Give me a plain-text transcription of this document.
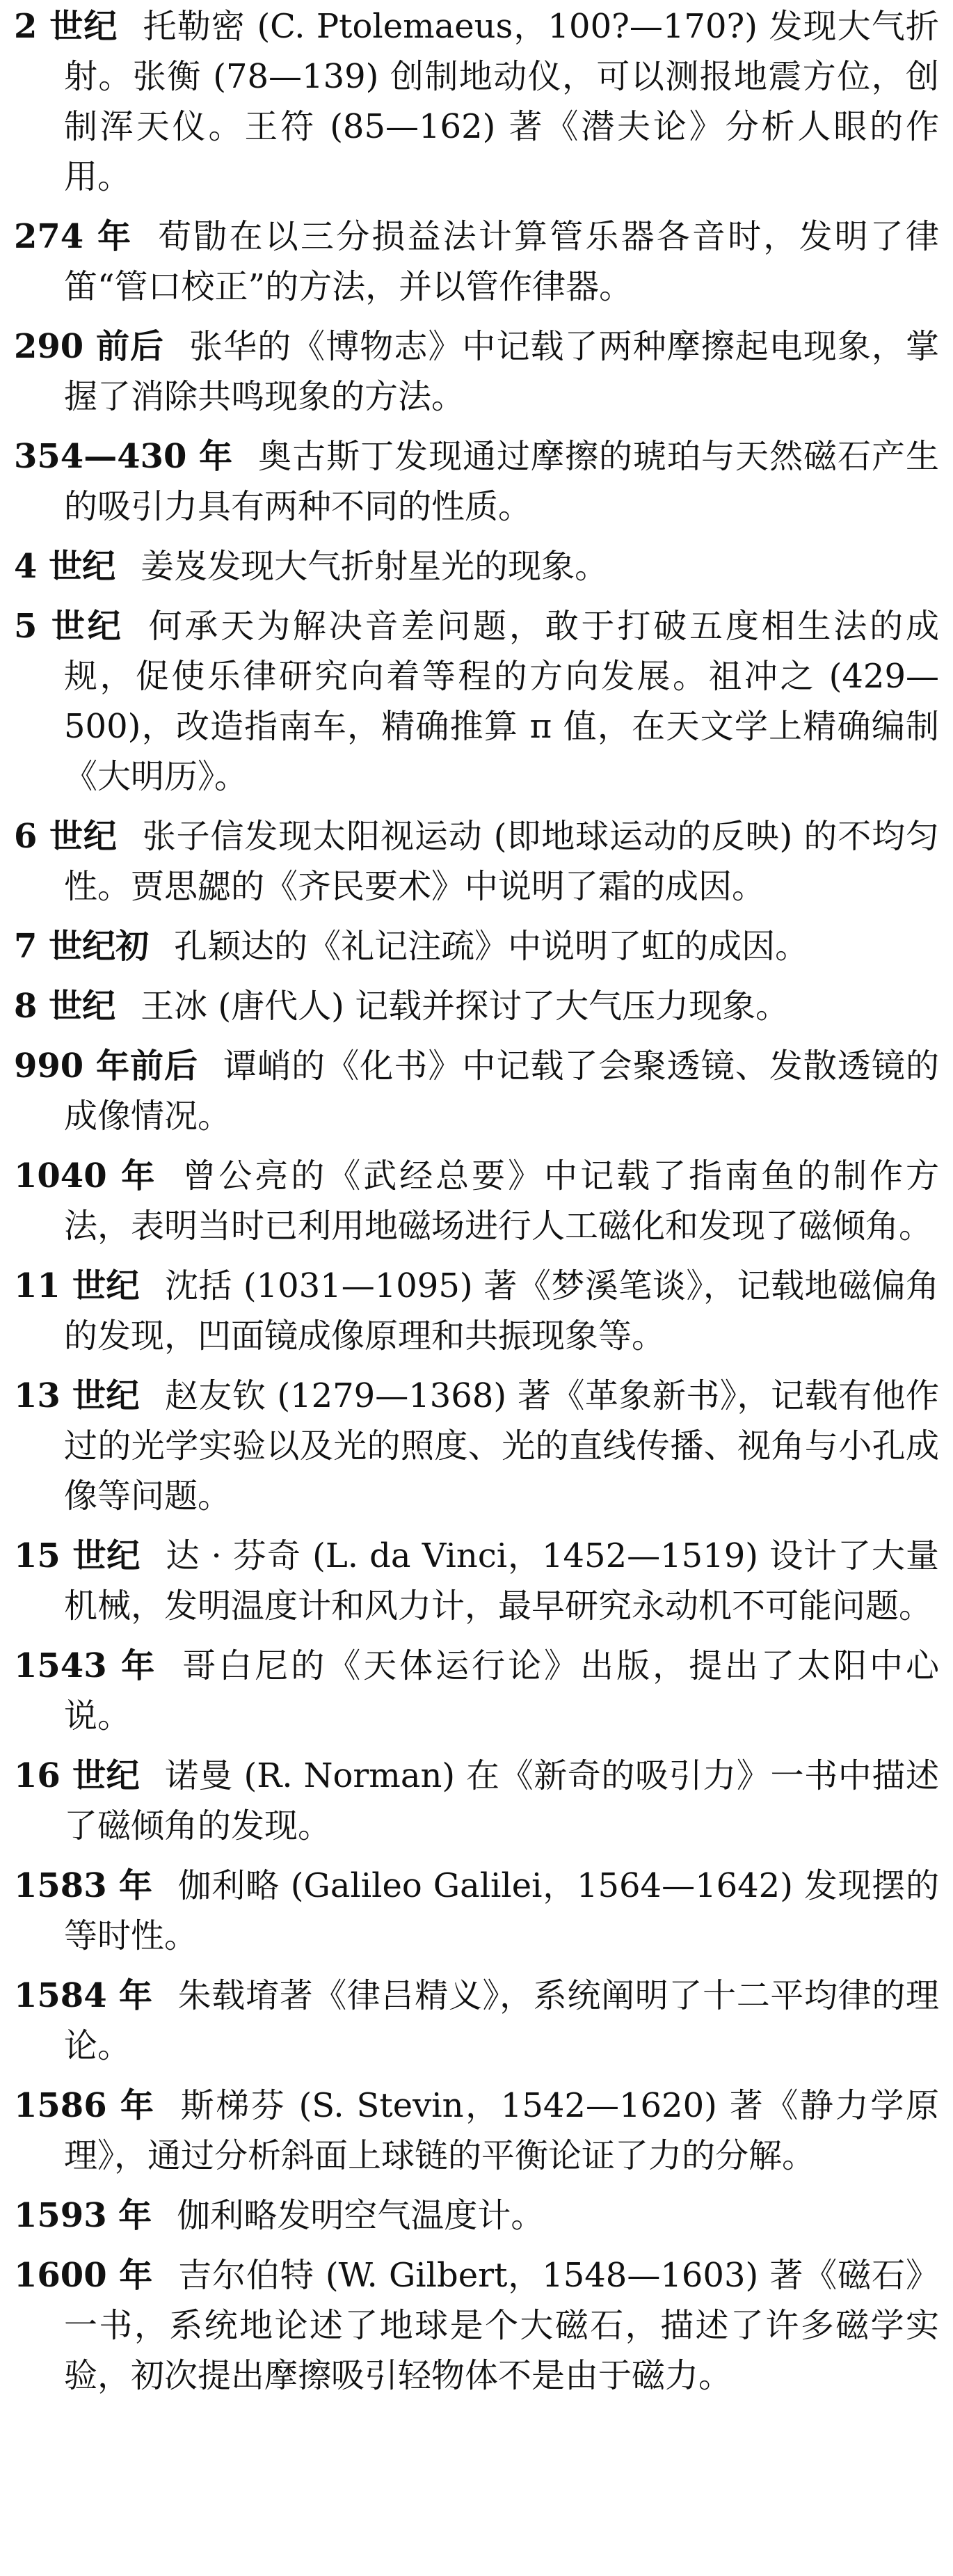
2 世纪 托勒密 (C. Ptolemaeus，100?—170?) 发现大气折射。张衡 (78—139) 创制地动仪，可以测报地震方位，创制浑天仪。王符 (85—162) 著《潜夫论》分析人眼的作用。

274 年 荀勖在以三分损益法计算管乐器各音时，发明了律笛“管口校正”的方法，并以管作律器。

290 前后 张华的《博物志》中记载了两种摩擦起电现象，掌握了消除共鸣现象的方法。

354—430 年 奥古斯丁发现通过摩擦的琥珀与天然磁石产生的吸引力具有两种不同的性质。

4 世纪 姜岌发现大气折射星光的现象。

5 世纪 何承天为解决音差问题，敢于打破五度相生法的成规，促使乐律研究向着等程的方向发展。祖冲之 (429—500)，改造指南车，精确推算 π 值，在天文学上精确编制《大明历》。

6 世纪 张子信发现太阳视运动 (即地球运动的反映) 的不均匀性。贾思勰的《齐民要术》中说明了霜的成因。

7 世纪初 孔颖达的《礼记注疏》中说明了虹的成因。

8 世纪 王冰 (唐代人) 记载并探讨了大气压力现象。

990 年前后 谭峭的《化书》中记载了会聚透镜、发散透镜的成像情况。

1040 年 曾公亮的《武经总要》中记载了指南鱼的制作方法，表明当时已利用地磁场进行人工磁化和发现了磁倾角。

11 世纪 沈括 (1031—1095) 著《梦溪笔谈》，记载地磁偏角的发现，凹面镜成像原理和共振现象等。

13 世纪 赵友钦 (1279—1368) 著《革象新书》，记载有他作过的光学实验以及光的照度、光的直线传播、视角与小孔成像等问题。

15 世纪 达 · 芬奇 (L. da Vinci，1452—1519) 设计了大量机械，发明温度计和风力计，最早研究永动机不可能问题。

1543 年 哥白尼的《天体运行论》出版，提出了太阳中心说。

16 世纪 诺曼 (R. Norman) 在《新奇的吸引力》一书中描述了磁倾角的发现。

1583 年 伽利略 (Galileo Galilei，1564—1642) 发现摆的等时性。

1584 年 朱载堉著《律吕精义》，系统阐明了十二平均律的理论。

1586 年 斯梯芬 (S. Stevin，1542—1620) 著《静力学原理》，通过分析斜面上球链的平衡论证了力的分解。

1593 年 伽利略发明空气温度计。

1600 年 吉尔伯特 (W. Gilbert，1548—1603) 著《磁石》一书，系统地论述了地球是个大磁石，描述了许多磁学实验，初次提出摩擦吸引轻物体不是由于磁力。
